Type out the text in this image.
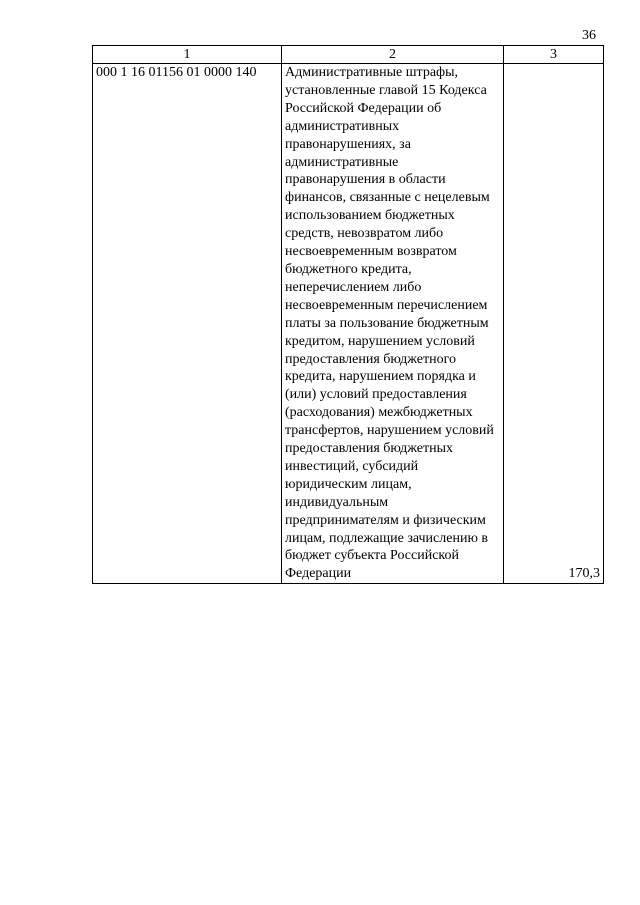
36
1	2	3
000 1 16 01156 01 0000 140	Административные штрафы, установленные главой 15 Кодекса Российской Федерации об административных правонарушениях, за административные правонарушения в области финансов, связанные с нецелевым использованием бюджетных средств, невозвратом либо несвоевременным возвратом бюджетного кредита, неперечислением либо несвоевременным перечислением платы за пользование бюджетным кредитом, нарушением условий предоставления бюджетного кредита, нарушением порядка и (или) условий предоставления (расходования) межбюджетных трансфертов, нарушением условий предоставления бюджетных инвестиций, субсидий юридическим лицам, индивидуальным предпринимателям и физическим лицам, подлежащие зачислению в бюджет субъекта Российской Федерации	170,3
